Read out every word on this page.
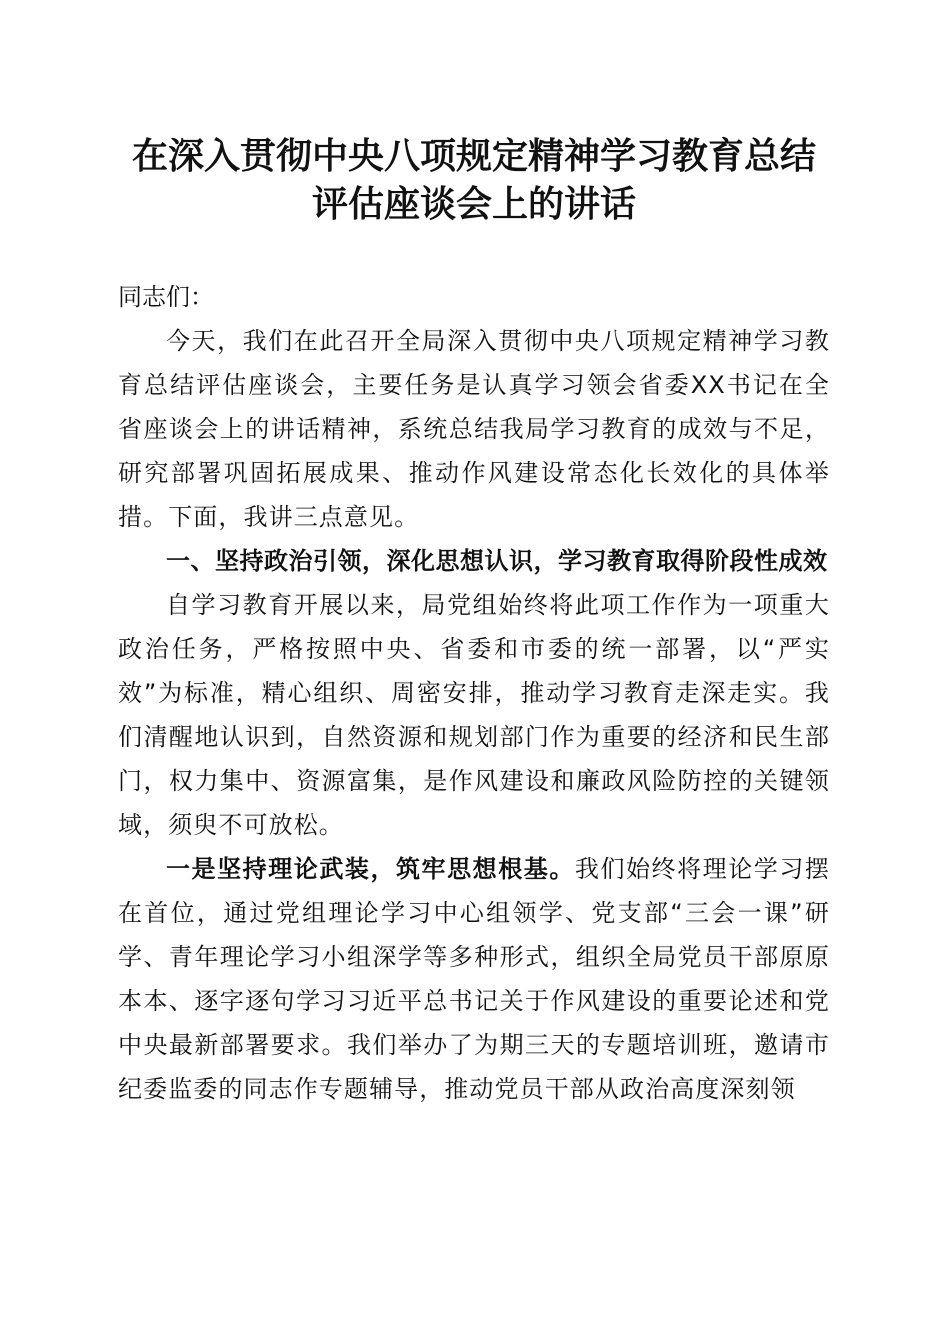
在深入贯彻中央八项规定精神学习教育总结评估座谈会上的讲话

同志们：

今天，我们在此召开全局深入贯彻中央八项规定精神学习教育总结评估座谈会，主要任务是认真学习领会省委XX书记在全省座谈会上的讲话精神，系统总结我局学习教育的成效与不足，研究部署巩固拓展成果、推动作风建设常态化长效化的具体举措。下面，我讲三点意见。

一、坚持政治引领，深化思想认识，学习教育取得阶段性成效

自学习教育开展以来，局党组始终将此项工作作为一项重大政治任务，严格按照中央、省委和市委的统一部署，以“严实效”为标准，精心组织、周密安排，推动学习教育走深走实。我们清醒地认识到，自然资源和规划部门作为重要的经济和民生部门，权力集中、资源富集，是作风建设和廉政风险防控的关键领域，须臾不可放松。

一是坚持理论武装，筑牢思想根基。我们始终将理论学习摆在首位，通过党组理论学习中心组领学、党支部“三会一课”研学、青年理论学习小组深学等多种形式，组织全局党员干部原原本本、逐字逐句学习习近平总书记关于作风建设的重要论述和党中央最新部署要求。我们举办了为期三天的专题培训班，邀请市纪委监委的同志作专题辅导，推动党员干部从政治高度深刻领
